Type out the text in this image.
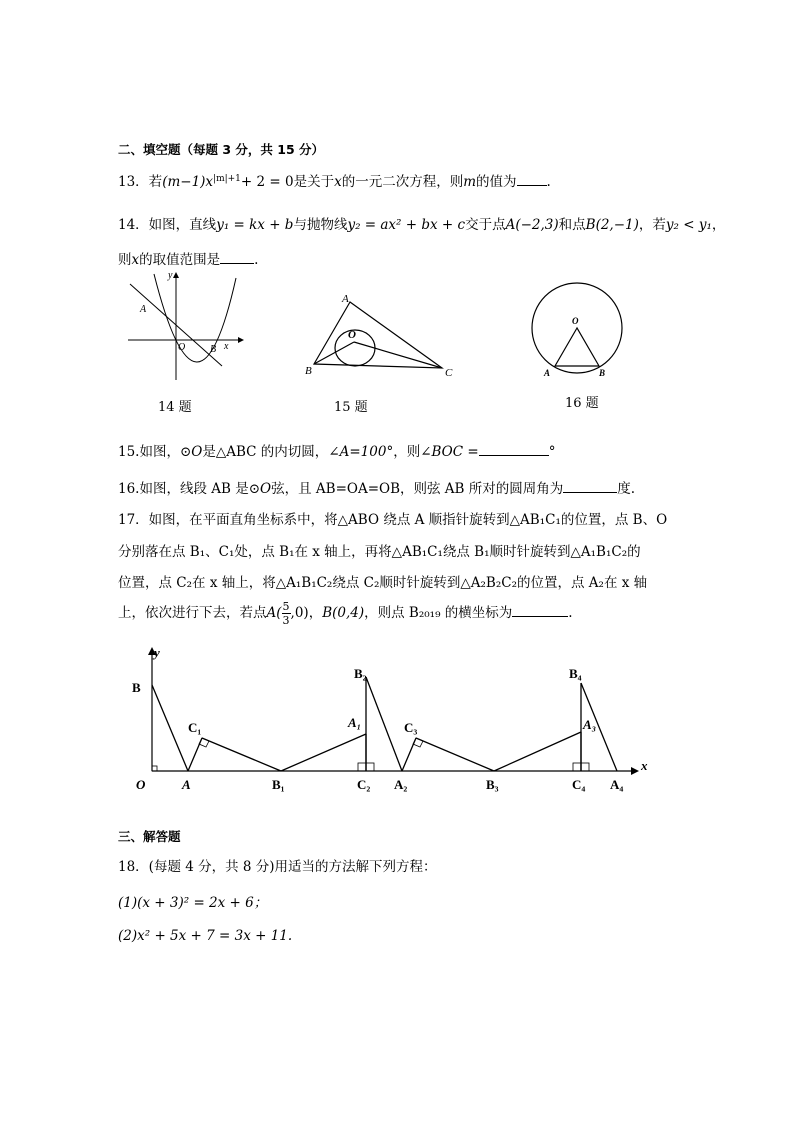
二、填空题（每题 3 分，共 15 分）
13．若$(m-1)x^{|m|+1}+ 2 = 0$是关于x的一元二次方程，则m的值为 .
14．如图，直线y₁ = kx + b与抛物线y₂ = ax² + bx + c交于点A(−2,3)和点B(2,−1)，若y₂ < y₁，
则x的取值范围是	.
y
x
A
O B
14 题
A
O
B	C
15 题
O
A	B
16 题
15.如图，⊙O是△ABC 的内切圆，∠A=100°，则∠BOC =	°
16.如图，线段 AB 是⊙O弦，且 AB=OA=OB，则弦 AB 所对的圆周角为	度.
17．如图，在平面直角坐标系中，将△ABO 绕点 A 顺指针旋转到△AB₁C₁的位置，点 B、O
分别落在点 B₁、C₁处，点 B₁在 x 轴上，再将△AB₁C₁绕点 B₁顺时针旋转到△A₁B₁C₂的
位置，点 C₂在 x 轴上，将△A₁B₁C₂绕点 C₂顺时针旋转到△A₂B₂C₂的位置，点 A₂在 x 轴
上，依次进行下去，若点$A( \frac{5}{3} ,0)$，B(0,4)，则点 B₂₀₁₉ 的横坐标为	.
y
B
x
O	A	B₁	C₂ A₂	B₃	C₄ A₄
C₁
B₂
A₁	C₃
B₄
A₃
三、解答题
18．(每题 4 分，共 8 分)用适当的方法解下列方程：
(1)(x + 3)² = 2x + 6；
(2)x² + 5x + 7 = 3x + 11.
